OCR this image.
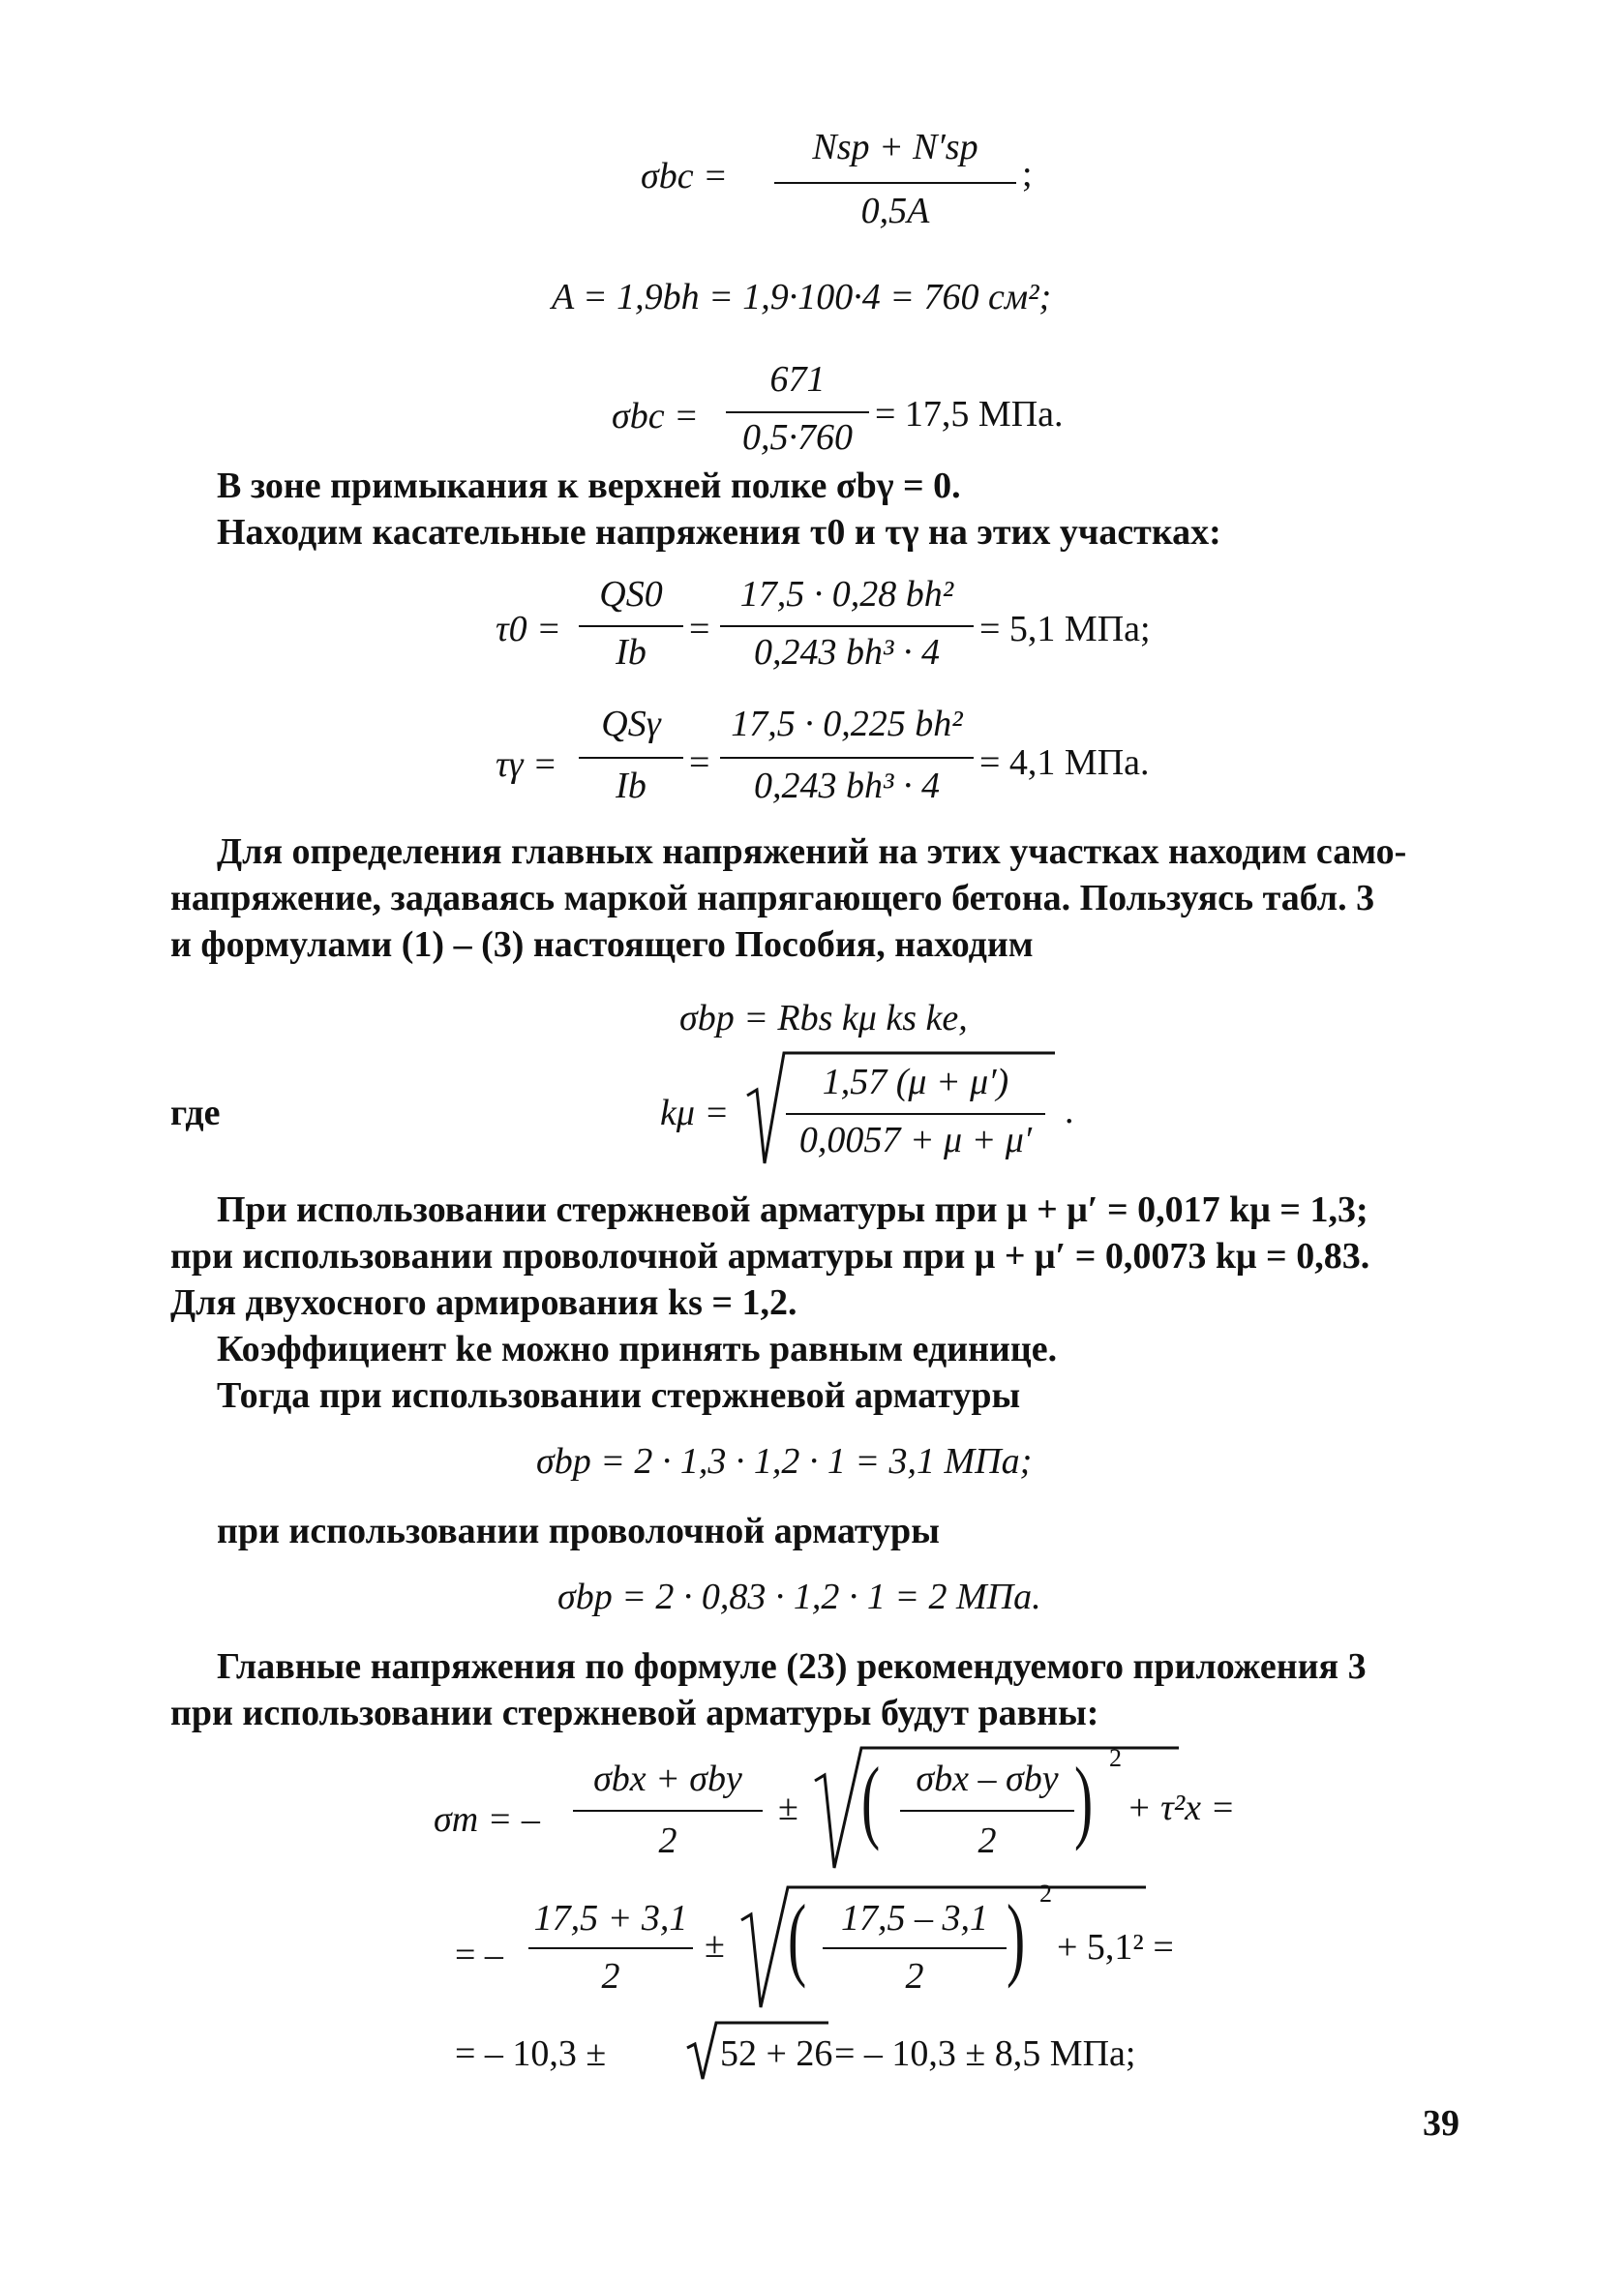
σbc =
Nsp + N′sp
0,5A
;
A = 1,9bh = 1,9·100·4 = 760 см²;
σbc =
671
0,5·760
= 17,5 МПа.
В зоне примыкания к верхней полке σbγ = 0.
Находим касательные напряжения τ0 и τγ на этих участках:
τ0 =
QS0
Ib
=
17,5 · 0,28 bh²
0,243 bh³ · 4
= 5,1 МПа;
τγ =
QSγ
Ib
=
17,5 · 0,225 bh²
0,243 bh³ · 4
= 4,1 МПа.
Для определения главных напряжений на этих участках находим само-
напряжение, задаваясь маркой напрягающего бетона. Пользуясь табл. 3
и формулами (1) – (3) настоящего Пособия, находим
σbp = Rbs kμ ks ke,
где	kμ =
1,57 (μ + μ′)
0,0057 + μ + μ′
.
При использовании стержневой арматуры при μ + μ′ = 0,017 kμ = 1,3;
при использовании проволочной арматуры при μ + μ′ = 0,0073 kμ = 0,83.
Для двухосного армирования ks = 1,2.
Коэффициент ke можно принять равным единице.
Тогда при использовании стержневой арматуры
σbp = 2 · 1,3 · 1,2 · 1 = 3,1 МПа;
при использовании проволочной арматуры
σbp = 2 · 0,83 · 1,2 · 1 = 2 МПа.
Главные напряжения по формуле (23) рекомендуемого приложения 3
при использовании стержневой арматуры будут равны:
σm = –
σbx + σby
2
± ( σbx – σby
2 ) 2
+ τ²x =
= –
17,5 + 3,1
2
± ( 17,5 – 3,1
2 ) 2
+ 5,1² =
= – 10,3 ±	52 + 26 = – 10,3 ± 8,5 МПа;
39
